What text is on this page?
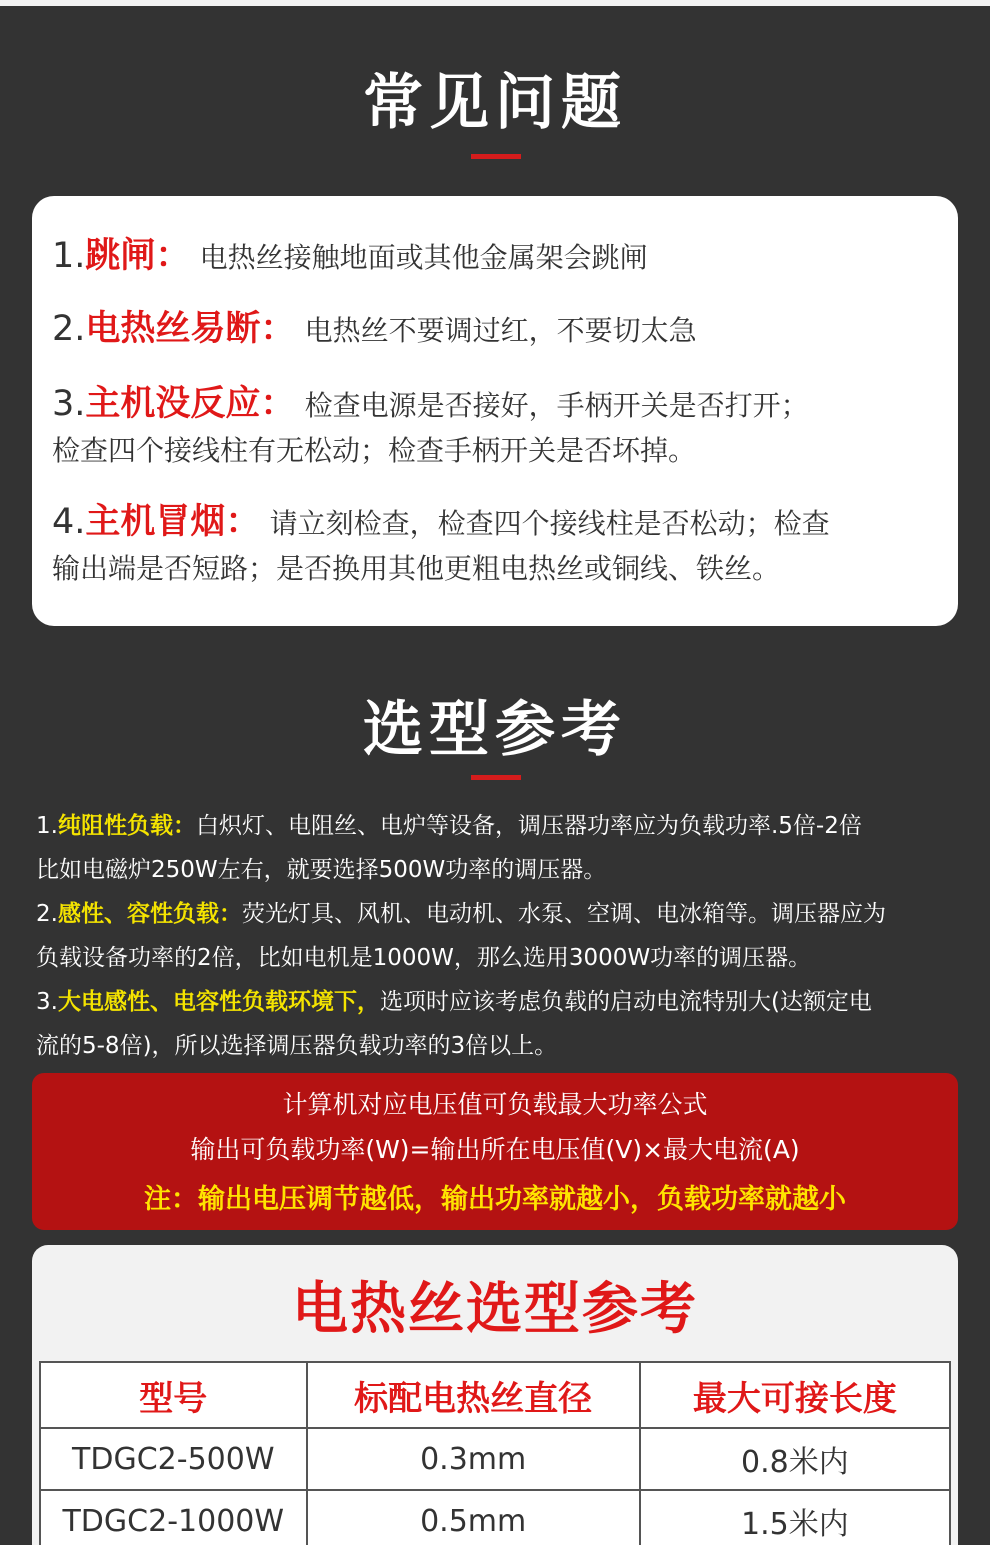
常见问题
1.跳闸： 电热丝接触地面或其他金属架会跳闸
2.电热丝易断： 电热丝不要调过红，不要切太急
3.主机没反应： 检查电源是否接好，手柄开关是否打开；
检查四个接线柱有无松动；检查手柄开关是否坏掉。
4.主机冒烟： 请立刻检查，检查四个接线柱是否松动；检查
输出端是否短路；是否换用其他更粗电热丝或铜线、铁丝。
选型参考
1.纯阻性负载：白炽灯、电阻丝、电炉等设备，调压器功率应为负载功率.5倍-2倍
比如电磁炉250W左右，就要选择500W功率的调压器。
2.感性、容性负载：荧光灯具、风机、电动机、水泵、空调、电冰箱等。调压器应为
负载设备功率的2倍，比如电机是1000W，那么选用3000W功率的调压器。
3.大电感性、电容性负载环境下，选项时应该考虑负载的启动电流特别大(达额定电
流的5-8倍)，所以选择调压器负载功率的3倍以上。
计算机对应电压值可负载最大功率公式
输出可负载功率(W)=输出所在电压值(V)×最大电流(A)
注：输出电压调节越低，输出功率就越小，负载功率就越小
电热丝选型参考
型号	标配电热丝直径	最大可接长度
TDGC2-500W	0.3mm	0.8米内
TDGC2-1000W	0.5mm	1.5米内
